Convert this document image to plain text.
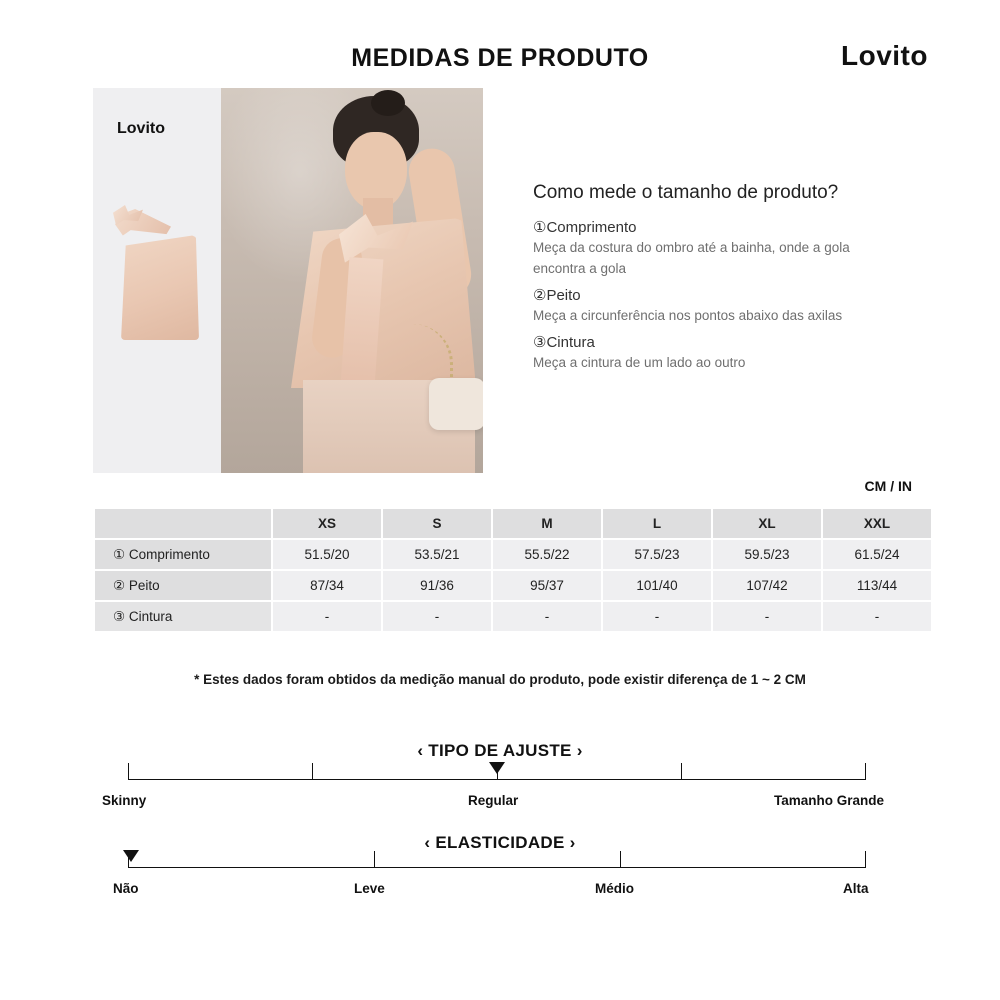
MEDIDAS DE PRODUTO	Lovito
Lovito
Como mede o tamanho de produto?
①Comprimento

Meça da costura do ombro até a bainha, onde a gola encontra a gola

②Peito

Meça a circunferência nos pontos abaixo das axilas

③Cintura

Meça a cintura de um lado ao outro

CM / IN
	XS	S	M	L	XL	XXL
① Comprimento	51.5/20	53.5/21	55.5/22	57.5/23	59.5/23	61.5/24
② Peito	87/34	91/36	95/37	101/40	107/42	113/44
③ Cintura	-	-	-	-	-	-
* Estes dados foram obtidos da medição manual do produto, pode existir diferença de 1 ~ 2 CM
‹ TIPO DE AJUSTE ›
Skinny	Regular	Tamanho Grande
‹ ELASTICIDADE ›
Não	Leve	Médio	Alta
